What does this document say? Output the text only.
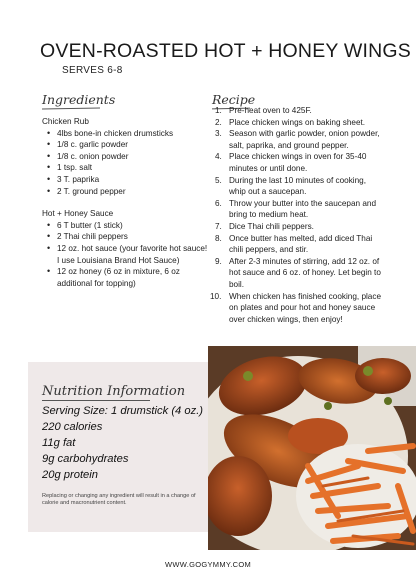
OVEN-ROASTED HOT + HONEY WINGS
SERVES 6-8
Ingredients
Chicken Rub
• 4lbs bone-in chicken drumsticks
• 1/8 c. garlic powder
• 1/8 c. onion powder
• 1 tsp. salt
• 3 T. paprika
• 2 T. ground pepper
Hot + Honey Sauce
• 6 T butter (1 stick)
• 2 Thai chili peppers
• 12 oz. hot sauce (your favorite hot sauce! I use Louisiana Brand Hot Sauce)
• 12 oz honey (6 oz in mixture, 6 oz additional for topping)
Recipe
1. Pre-heat oven to 425F.
2. Place chicken wings on baking sheet.
3. Season with garlic powder, onion powder, salt, paprika, and ground pepper.
4. Place chicken wings in oven for 35-40 minutes or until done.
5. During the last 10 minutes of cooking, whip out a saucepan.
6. Throw your butter into the saucepan and bring to medium heat.
7. Dice Thai chili peppers.
8. Once butter has melted, add diced Thai chili peppers, and stir.
9. After 2-3 minutes of stirring, add 12 oz. of hot sauce and 6 oz. of honey. Let begin to boil.
10. When chicken has finished cooking, place on plates and pour hot and honey sauce over chicken wings, then enjoy!
Nutrition Information
Serving Size: 1 drumstick (4 oz.)
220 calories
11g fat
9g carbohydrates
20g protein
Replacing or changing any ingredient will result in a change of calorie and macronutrient content.
WWW.GOGYMMY.COM
